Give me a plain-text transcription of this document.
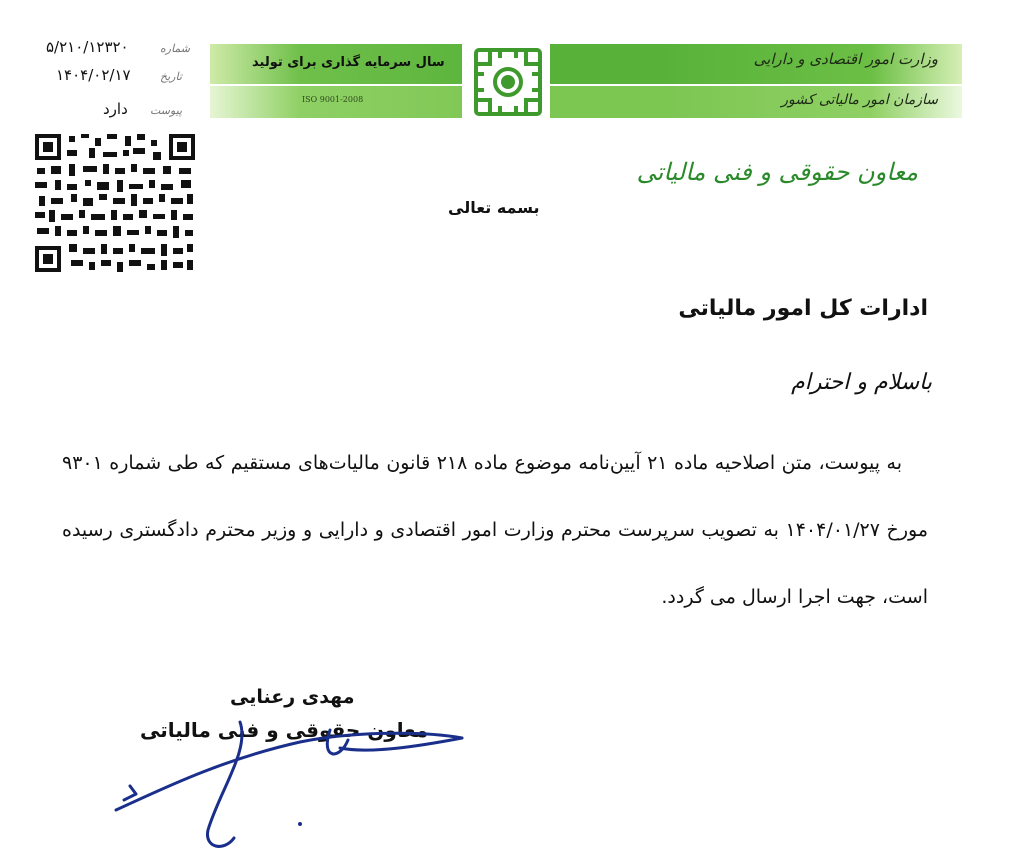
وزارت امور اقتصادی و دارایی
سازمان امور مالیاتی کشور
سال سرمایه گذاری برای تولید
ISO 9001-2008
۵/۲۱۰/۱۲۳۲۰	شماره
۱۴۰۴/۰۲/۱۷	تاریخ
دارد پیوست
معاون حقوقی و فنی مالیاتی
بسمه تعالی
ادارات کل امور مالیاتی
باسلام و احترام

به پیوست، متن اصلاحیه ماده ۲۱ آیین‌نامه موضوع ماده ۲۱۸ قانون مالیات‌های مستقیم که طی شماره ۹۳۰۱ مورخ ۱۴۰۴/۰۱/۲۷ به تصویب سرپرست محترم وزارت امور اقتصادی و دارایی و وزیر محترم دادگستری رسیده است، جهت اجرا ارسال می گردد.

مهدی رعنایی
معاون حقوقی و فنی مالیاتی
